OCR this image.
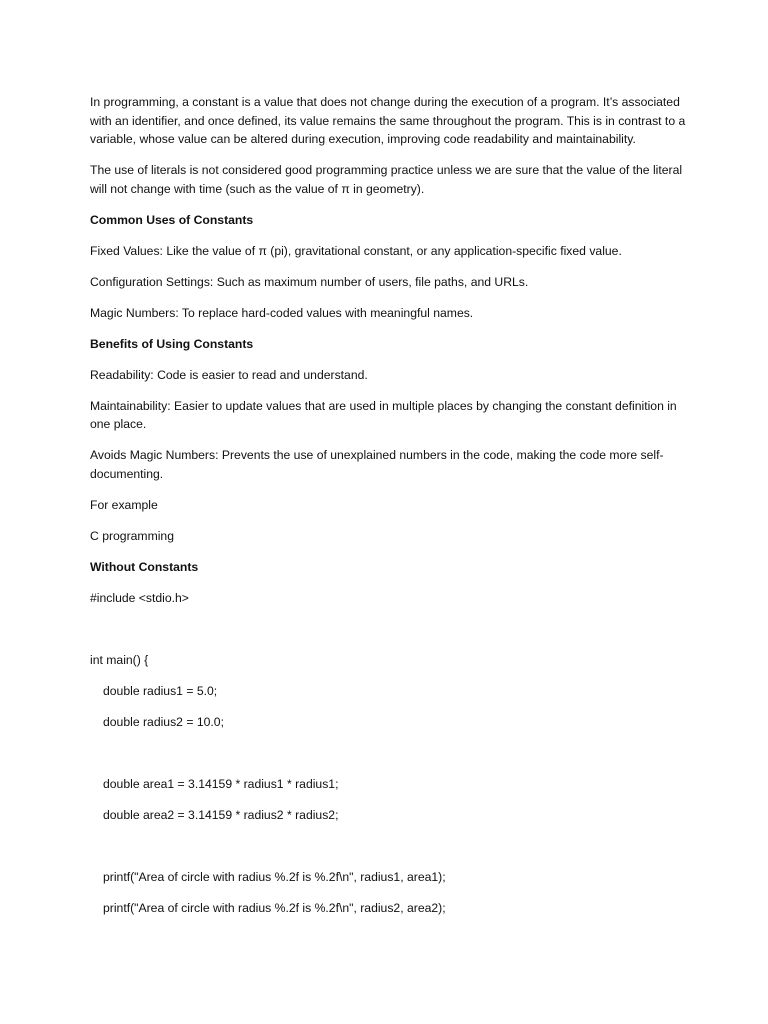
In programming, a constant is a value that does not change during the execution of a program. It’s associated with an identifier, and once defined, its value remains the same throughout the program. This is in contrast to a variable, whose value can be altered during execution, improving code readability and maintainability.

The use of literals is not considered good programming practice unless we are sure that the value of the literal will not change with time (such as the value of π in geometry).

Common Uses of Constants

Fixed Values: Like the value of π (pi), gravitational constant, or any application-specific fixed value.

Configuration Settings: Such as maximum number of users, file paths, and URLs.

Magic Numbers: To replace hard-coded values with meaningful names.

Benefits of Using Constants

Readability: Code is easier to read and understand.

Maintainability: Easier to update values that are used in multiple places by changing the constant definition in one place.

Avoids Magic Numbers: Prevents the use of unexplained numbers in the code, making the code more self-documenting.

For example

C programming

Without Constants

#include <stdio.h>

int main() {

double radius1 = 5.0;

double radius2 = 10.0;

double area1 = 3.14159 * radius1 * radius1;

double area2 = 3.14159 * radius2 * radius2;

printf("Area of circle with radius %.2f is %.2f\n", radius1, area1);

printf("Area of circle with radius %.2f is %.2f\n", radius2, area2);
